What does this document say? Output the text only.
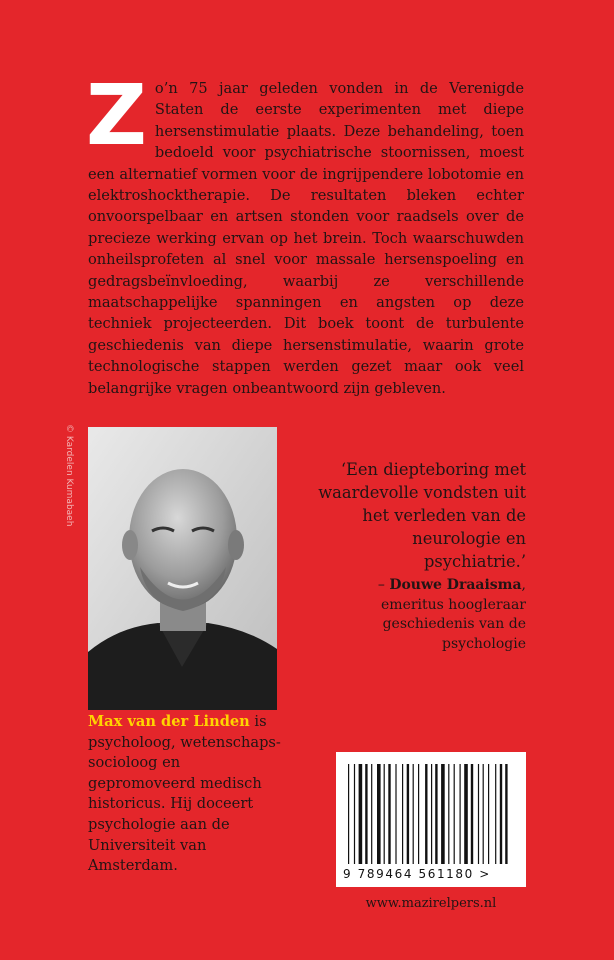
Zo’n 75 jaar geleden vonden in de Verenigde Staten de eerste experimenten met diepe hersenstimulatie plaats. Deze behandeling, toen bedoeld voor psychiatrische stoornissen, moest een alternatief vormen voor de ingrijpendere lobotomie en elektroshocktherapie. De resultaten bleken echter onvoorspelbaar en artsen stonden voor raadsels over de precieze werking ervan op het brein. Toch waarschuwden onheilsprofeten al snel voor massale hersenspoeling en gedragsbeïnvloeding, waarbij ze verschillende maatschappelijke spanningen en angsten op deze techniek projecteerden. Dit boek toont de turbulente geschiedenis van diepe hersenstimulatie, waarin grote technologische stappen werden gezet maar ook veel belangrijke vragen onbeantwoord zijn gebleven.
© Kardelen Kumabaeh
Max van der Linden is psycholoog, wetenschapssocioloog en gepromoveerd medisch historicus. Hij doceert psychologie aan de Universiteit van Amsterdam.
‘Een diepteboring met waardevolle vondsten uit het verleden van de neurologie en psychiatrie.’
– Douwe Draaisma, emeritus hoogleraar geschiedenis van de psychologie
9 789464 561180 >
www.mazirelpers.nl
